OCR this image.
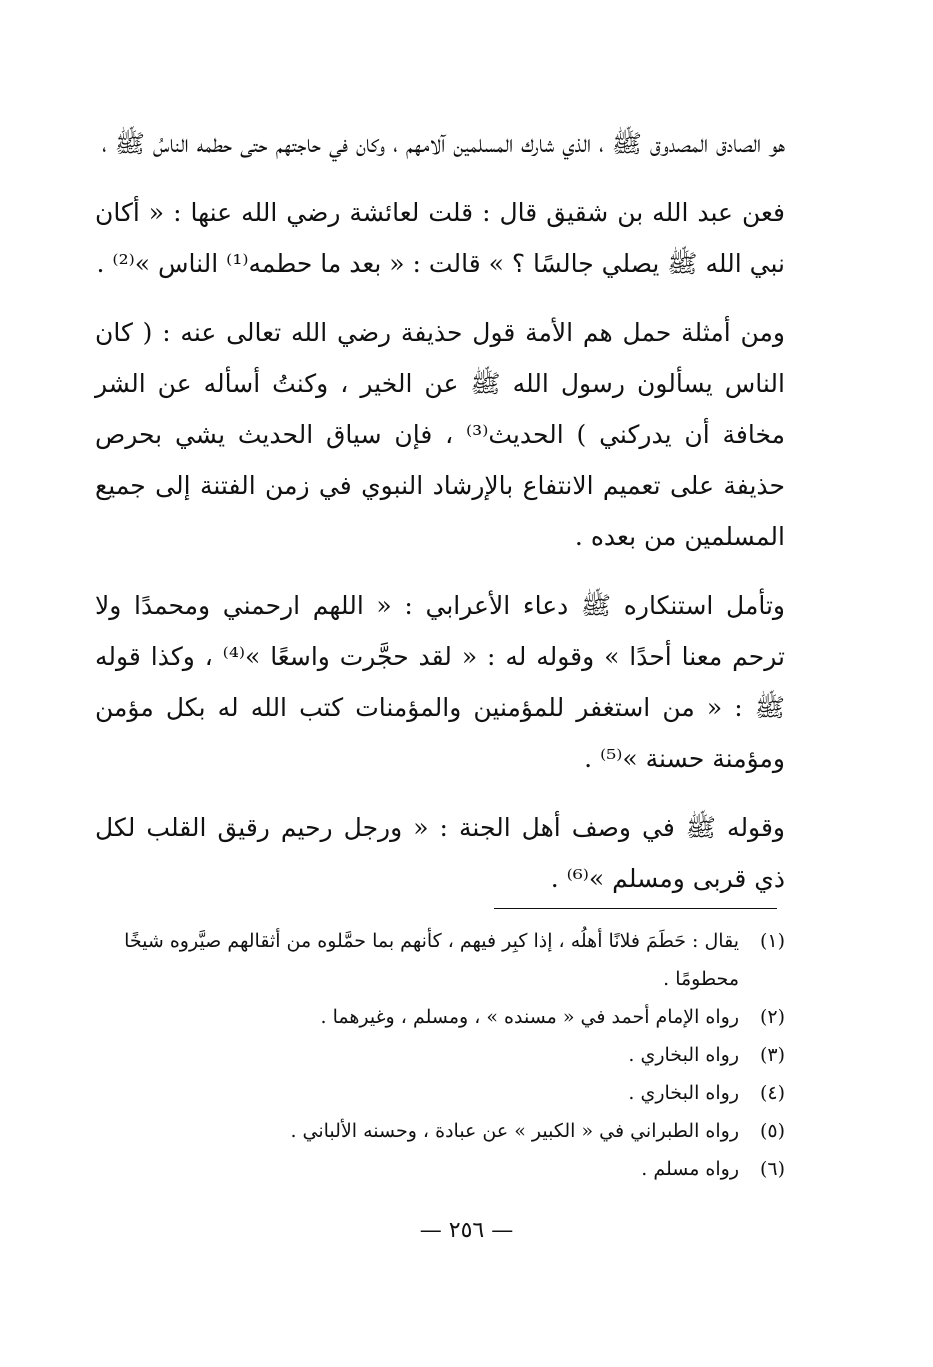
هو الصادق المصدوق ﷺ ، الذي شارك المسلمين آلامهم ، وكان في حاجتهم حتى حطمه الناسُ ﷺ ،

فعن عبد الله بن شقيق قال : قلت لعائشة رضي الله عنها : « أكان نبي الله ﷺ يصلي جالسًا ؟ » قالت : « بعد ما حطمه⁽¹⁾ الناس »⁽²⁾ .

ومن أمثلة حمل هم الأمة قول حذيفة رضي الله تعالى عنه : ( كان الناس يسألون رسول الله ﷺ عن الخير ، وكنتُ أسأله عن الشر مخافة أن يدركني ) الحديث⁽³⁾ ، فإن سياق الحديث يشي بحرص حذيفة على تعميم الانتفاع بالإرشاد النبوي في زمن الفتنة إلى جميع المسلمين من بعده .

وتأمل استنكاره ﷺ دعاء الأعرابي : « اللهم ارحمني ومحمدًا ولا ترحم معنا أحدًا » وقوله له : « لقد حجَّرت واسعًا »⁽⁴⁾ ، وكذا قوله ﷺ : « من استغفر للمؤمنين والمؤمنات كتب الله له بكل مؤمن ومؤمنة حسنة »⁽⁵⁾ .

وقوله ﷺ في وصف أهل الجنة : « ورجل رحيم رقيق القلب لكل ذي قربى ومسلم »⁽⁶⁾ .

(١)
يقال : حَطَمَ فلانًا أهلُه ، إذا كبِر فيهم ، كأنهم بما حمَّلوه من أثقالهم صيَّروه شيخًا محطومًا .
(٢)
رواه الإمام أحمد في « مسنده » ، ومسلم ، وغيرهما .
(٣)
رواه البخاري .
(٤)
رواه البخاري .
(٥)
رواه الطبراني في « الكبير » عن عبادة ، وحسنه الألباني .
(٦)
رواه مسلم .
— ٢٥٦ —
